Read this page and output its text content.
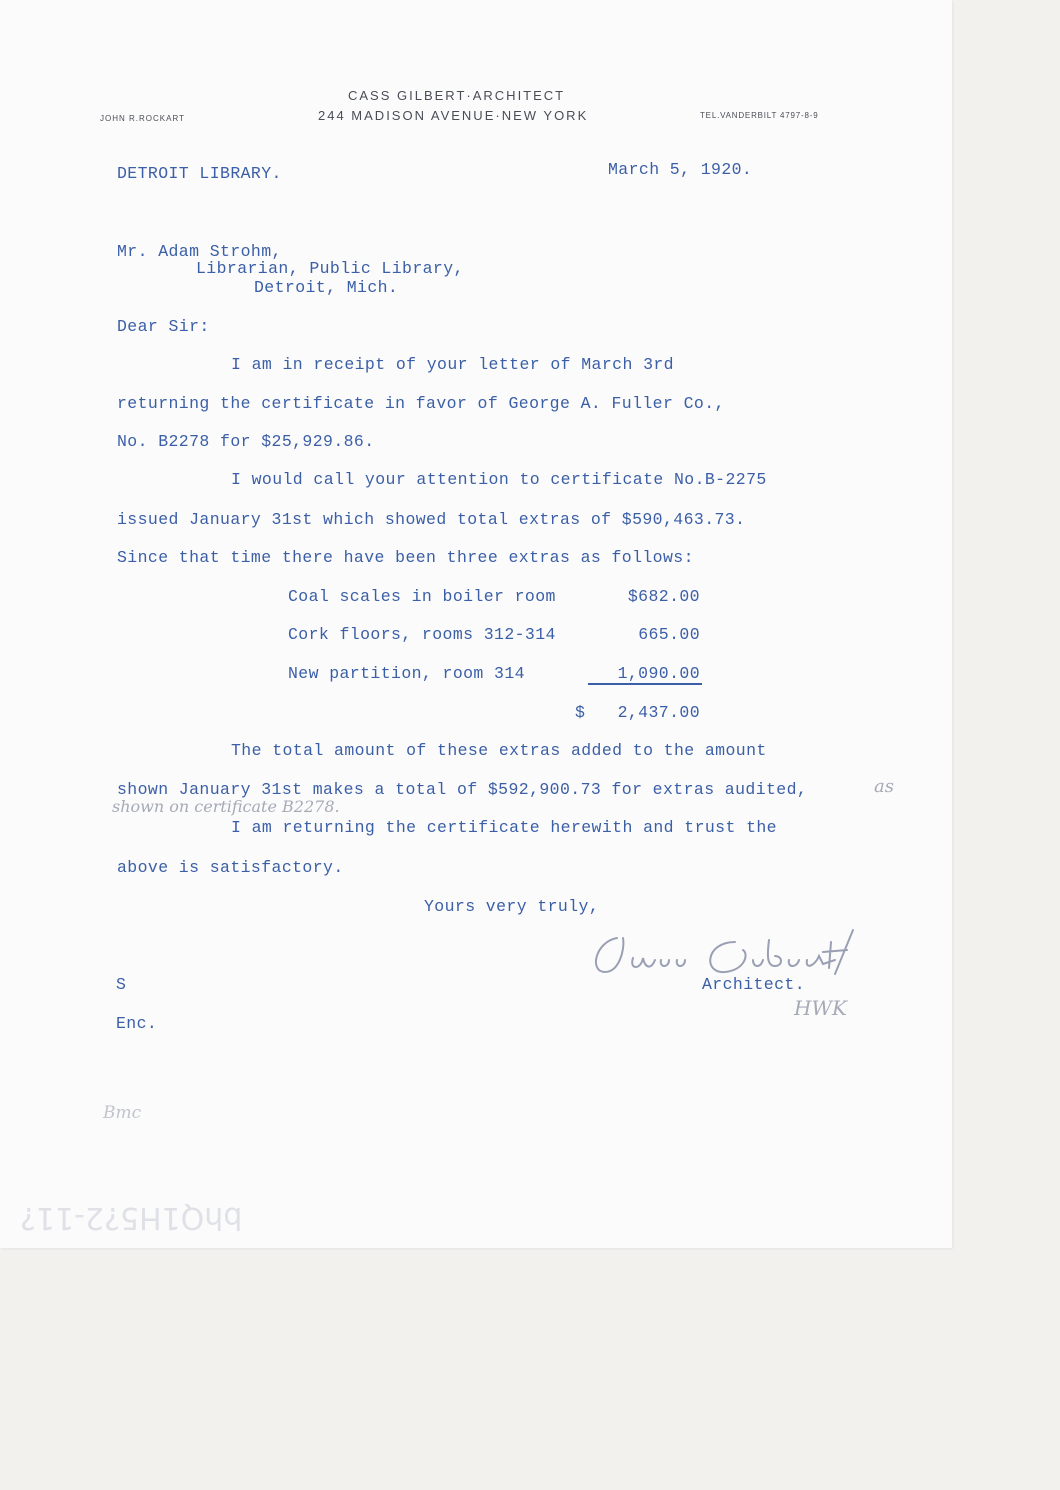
JOHN R.ROCKART
CASS GILBERT·ARCHITECT
244 MADISON AVENUE·NEW YORK	TEL.VANDERBILT 4797-8-9
DETROIT LIBRARY.	March 5, 1920.
Mr. Adam Strohm,
Librarian, Public Library,
Detroit, Mich.
Dear Sir:
I am in receipt of your letter of March 3rd
returning the certificate in favor of George A. Fuller Co.,
No. B2278 for $25,929.86.
I would call your attention to certificate No.B-2275
issued January 31st which showed total extras of $590,463.73.
Since that time there have been three extras as follows:
Coal scales in boiler room	$682.00
Cork floors, rooms 312-314	665.00
New partition, room 314	1,090.00
$	2,437.00
The total amount of these extras added to the amount
shown January 31st makes a total of $592,900.73 for extras audited,	as
shown on certificate B2278.
I am returning the certificate herewith and trust the
above is satisfactory.
Yours very truly,
Architect.
HWK
S
Enc.
Bmc
bhQ1H5?2-11?
